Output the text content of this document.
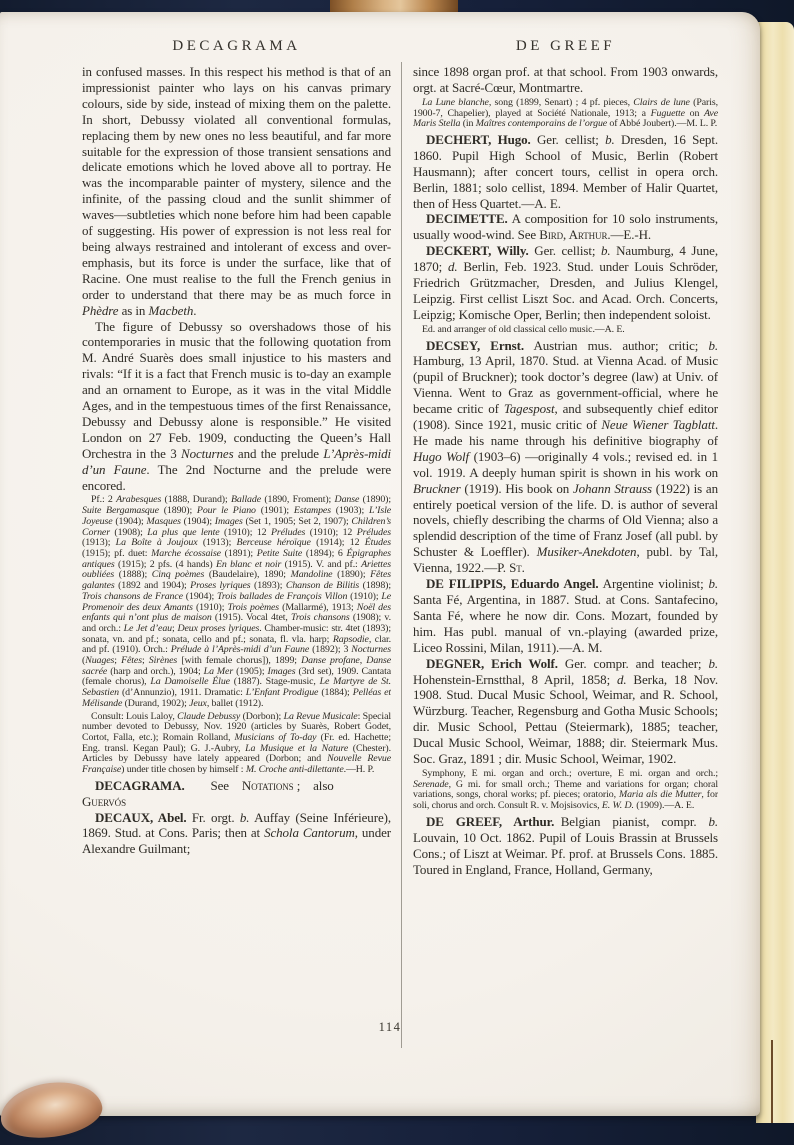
DECAGRAMA	DE GREEF

in confused masses. In this respect his method is that of an impressionist painter who lays on his canvas primary colours, side by side, instead of mixing them on the palette. In short, Debussy violated all conventional formulas, replacing them by new ones no less beautiful, and far more suitable for the expression of those transient sensations and delicate emotions which he loved above all to portray. He was the incomparable painter of mystery, silence and the infinite, of the passing cloud and the sunlit shimmer of waves—subtleties which none before him had been capable of suggesting. His power of expression is not less real for being always restrained and intolerant of excess and over-emphasis, but its force is under the surface, like that of Racine. One must realise to the full the French genius in order to understand that there may be as much force in Phèdre as in Macbeth.

The figure of Debussy so overshadows those of his contemporaries in music that the following quotation from M. André Suarès does small injustice to his masters and rivals: “If it is a fact that French music is to-day an example and an ornament to Europe, as it was in the vital Middle Ages, and in the tempestuous times of the first Renaissance, Debussy and Debussy alone is responsible.” He visited London on 27 Feb. 1909, conducting the Queen’s Hall Orchestra in the 3 Nocturnes and the prelude L’Après-midi d’un Faune. The 2nd Nocturne and the prelude were encored.

Pf.: 2 Arabesques (1888, Durand); Ballade (1890, Froment); Danse (1890); Suite Bergamasque (1890); Pour le Piano (1901); Estampes (1903); L’Isle Joyeuse (1904); Masques (1904); Images (Set 1, 1905; Set 2, 1907); Children’s Corner (1908); La plus que lente (1910); 12 Préludes (1910); 12 Préludes (1913); La Boîte à Joujoux (1913); Berceuse héroïque (1914); 12 Études (1915); pf. duet: Marche écossaise (1891); Petite Suite (1894); 6 Épigraphes antiques (1915); 2 pfs. (4 hands) En blanc et noir (1915). V. and pf.: Ariettes oubliées (1888); Cinq poèmes (Baudelaire), 1890; Mandoline (1890); Fêtes galantes (1892 and 1904); Proses lyriques (1893); Chanson de Bilitis (1898); Trois chansons de France (1904); Trois ballades de François Villon (1910); Le Promenoir des deux Amants (1910); Trois poèmes (Mallarmé), 1913; Noël des enfants qui n’ont plus de maison (1915). Vocal 4tet, Trois chansons (1908); v. and orch.: Le Jet d’eau; Deux proses lyriques. Chamber-music: str. 4tet (1893); sonata, vn. and pf.; sonata, cello and pf.; sonata, fl. vla. harp; Rapsodie, clar. and pf. (1910). Orch.: Prélude à l’Après-midi d’un Faune (1892); 3 Nocturnes (Nuages; Fêtes; Sirènes [with female chorus]), 1899; Danse profane, Danse sacrée (harp and orch.), 1904; La Mer (1905); Images (3rd set), 1909. Cantata (female chorus), La Damoiselle Élue (1887). Stage-music, Le Martyre de St. Sebastien (d’Annunzio), 1911. Dramatic: L’Enfant Prodigue (1884); Pelléas et Mélisande (Durand, 1902); Jeux, ballet (1912).

Consult: Louis Laloy, Claude Debussy (Dorbon); La Revue Musicale: Special number devoted to Debussy, Nov. 1920 (articles by Suarès, Robert Godet, Cortot, Falla, etc.); Romain Rolland, Musicians of To-day (Fr. ed. Hachette; Eng. transl. Kegan Paul); G. J.-Aubry, La Musique et la Nature (Chester). Articles by Debussy have lately appeared (Dorbon; and Nouvelle Revue Française) under title chosen by himself : M. Croche anti-dilettante.—H. P.

DECAGRAMA.  See Notations ; also
Guervós

DECAUX, Abel. Fr. orgt. b. Auffay (Seine Inférieure), 1869. Stud. at Cons. Paris; then at Schola Cantorum, under Alexandre Guilmant;

since 1898 organ prof. at that school. From 1903 onwards, orgt. at Sacré-Cœur, Montmartre.

La Lune blanche, song (1899, Senart) ; 4 pf. pieces, Clairs de lune (Paris, 1900-7, Chapelier), played at Société Nationale, 1913; a Fuguette on Ave Maris Stella (in Maîtres contemporains de l’orgue of Abbé Joubert).—M. L. P.

DECHERT, Hugo. Ger. cellist; b. Dresden, 16 Sept. 1860. Pupil High School of Music, Berlin (Robert Hausmann); after concert tours, cellist in opera orch. Berlin, 1881; solo cellist, 1894. Member of Halir Quartet, then of Hess Quartet.—A. E.

DECIMETTE. A composition for 10 solo instruments, usually wood-wind. See Bird, Arthur.—E.-H.

DECKERT, Willy. Ger. cellist; b. Naumburg, 4 June, 1870; d. Berlin, Feb. 1923. Stud. under Louis Schröder, Friedrich Grützmacher, Dresden, and Julius Klengel, Leipzig. First cellist Liszt Soc. and Acad. Orch. Concerts, Leipzig; Komische Oper, Berlin; then independent soloist.

Ed. and arranger of old classical cello music.—A. E.

DECSEY, Ernst. Austrian mus. author; critic; b. Hamburg, 13 April, 1870. Stud. at Vienna Acad. of Music (pupil of Bruckner); took doctor’s degree (law) at Univ. of Vienna. Went to Graz as government-official, where he became critic of Tagespost, and subsequently chief editor (1908). Since 1921, music critic of Neue Wiener Tagblatt. He made his name through his definitive biography of Hugo Wolf (1903–6) —originally 4 vols.; revised ed. in 1 vol. 1919. A deeply human spirit is shown in his work on Bruckner (1919). His book on Johann Strauss (1922) is an entirely poetical version of the life. D. is author of several novels, chiefly describing the charms of Old Vienna; also a splendid description of the time of Franz Josef (all publ. by Schuster & Loeffler). Musiker-Anekdoten, publ. by Tal, Vienna, 1922.—P. St.

DE FILIPPIS, Eduardo Angel. Argentine violinist; b. Santa Fé, Argentina, in 1887. Stud. at Cons. Santafecino, Santa Fé, where he now dir. Cons. Mozart, founded by him. Has publ. manual of vn.-playing (awarded prize, Liceo Rossini, Milan, 1911).—A. M.

DEGNER, Erich Wolf. Ger. compr. and teacher; b. Hohenstein-Ernstthal, 8 April, 1858; d. Berka, 18 Nov. 1908. Stud. Ducal Music School, Weimar, and R. School, Würzburg. Teacher, Regensburg and Gotha Music Schools; dir. Music School, Pettau (Steiermark), 1885; teacher, Ducal Music School, Weimar, 1888; dir. Steiermark Mus. Soc. Graz, 1891 ; dir. Music School, Weimar, 1902.

Symphony, E mi. organ and orch.; overture, E mi. organ and orch.; Serenade, G mi. for small orch.; Theme and variations for organ; choral variations, songs, choral works; pf. pieces; oratorio, Maria als die Mutter, for soli, chorus and orch. Consult R. v. Mojsisovics, E. W. D. (1909).—A. E.

DE GREEF, Arthur. Belgian pianist, compr. b. Louvain, 10 Oct. 1862. Pupil of Louis Brassin at Brussels Cons.; of Liszt at Weimar. Pf. prof. at Brussels Cons. 1885. Toured in England, France, Holland, Germany,

114
